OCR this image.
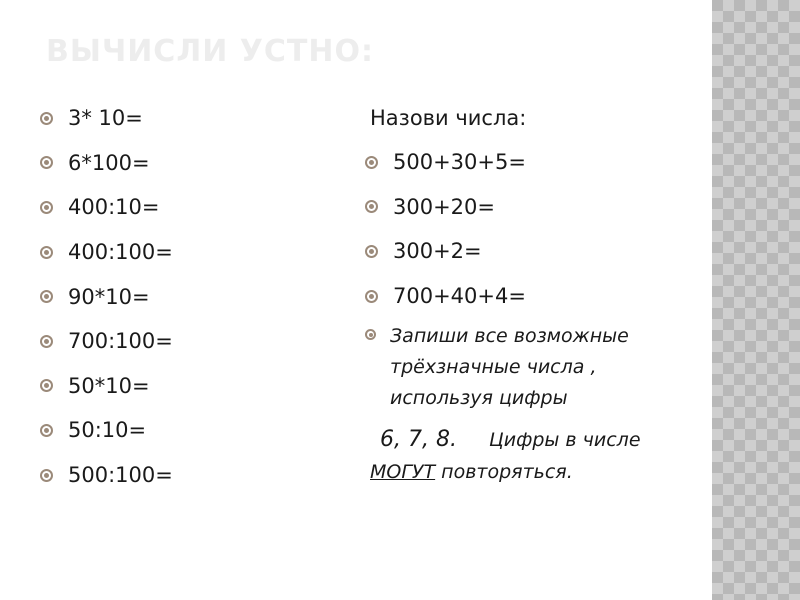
ВЫЧИСЛИ УСТНО:
3* 10=
6*100=
400:10=
400:100=
90*10=
700:100=
50*10=
50:10=
500:100=
Назови числа:
500+30+5=
300+20=
300+2=
700+40+4=
Запиши все возможные трёхзначные числа , используя цифры
6, 7, 8. Цифры в числе МОГУТ повторяться.
